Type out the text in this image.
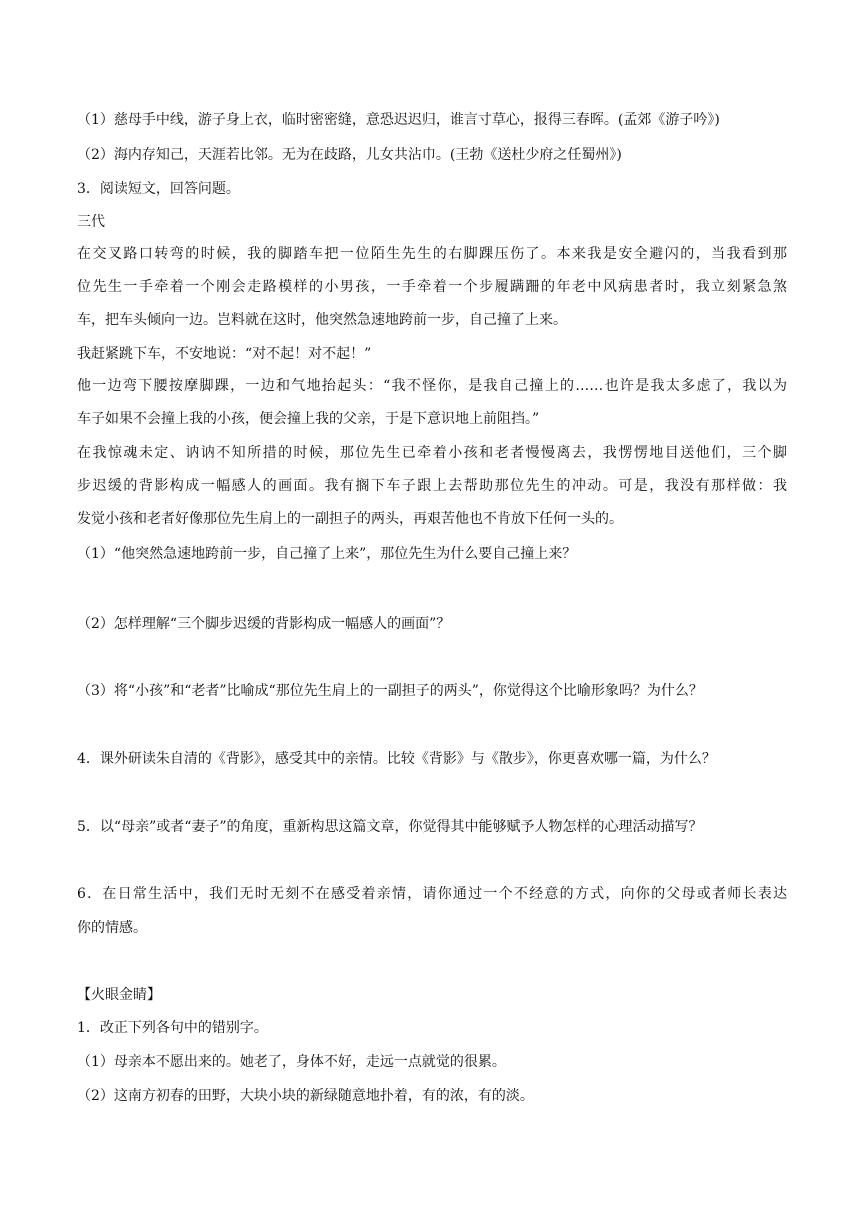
（1）慈母手中线，游子身上衣，临时密密缝，意恐迟迟归，谁言寸草心，报得三春晖。(孟郊《游子吟》)
（2）海内存知己，天涯若比邻。无为在歧路，儿女共沾巾。(王勃《送杜少府之任蜀州》)
3．阅读短文，回答问题。
三代
在交叉路口转弯的时候，我的脚踏车把一位陌生先生的右脚踝压伤了。本来我是安全避闪的，当我看到那
位先生一手牵着一个刚会走路模样的小男孩，一手牵着一个步履蹒跚的年老中风病患者时，我立刻紧急煞
车，把车头倾向一边。岂料就在这时，他突然急速地跨前一步，自己撞了上来。
我赶紧跳下车，不安地说：“对不起！对不起！”
他一边弯下腰按摩脚踝，一边和气地抬起头：“我不怪你，是我自己撞上的……也许是我太多虑了，我以为
车子如果不会撞上我的小孩，便会撞上我的父亲，于是下意识地上前阻挡。”
在我惊魂未定、讷讷不知所措的时候，那位先生已牵着小孩和老者慢慢离去，我愣愣地目送他们，三个脚
步迟缓的背影构成一幅感人的画面。我有搁下车子跟上去帮助那位先生的冲动。可是，我没有那样做：我
发觉小孩和老者好像那位先生肩上的一副担子的两头，再艰苦他也不肯放下任何一头的。
（1）“他突然急速地跨前一步，自己撞了上来”，那位先生为什么要自己撞上来？
（2）怎样理解“三个脚步迟缓的背影构成一幅感人的画面”？
（3）将“小孩”和“老者”比喻成“那位先生肩上的一副担子的两头”，你觉得这个比喻形象吗？为什么？
4．课外研读朱自清的《背影》，感受其中的亲情。比较《背影》与《散步》，你更喜欢哪一篇，为什么？
5．以“母亲”或者“妻子”的角度，重新构思这篇文章，你觉得其中能够赋予人物怎样的心理活动描写？
6．在日常生活中，我们无时无刻不在感受着亲情，请你通过一个不经意的方式，向你的父母或者师长表达
你的情感。
【火眼金睛】
1．改正下列各句中的错别字。
（1）母亲本不愿出来的。她老了，身体不好，走远一点就觉的很累。
（2）这南方初春的田野，大块小块的新绿随意地扑着，有的浓，有的淡。
